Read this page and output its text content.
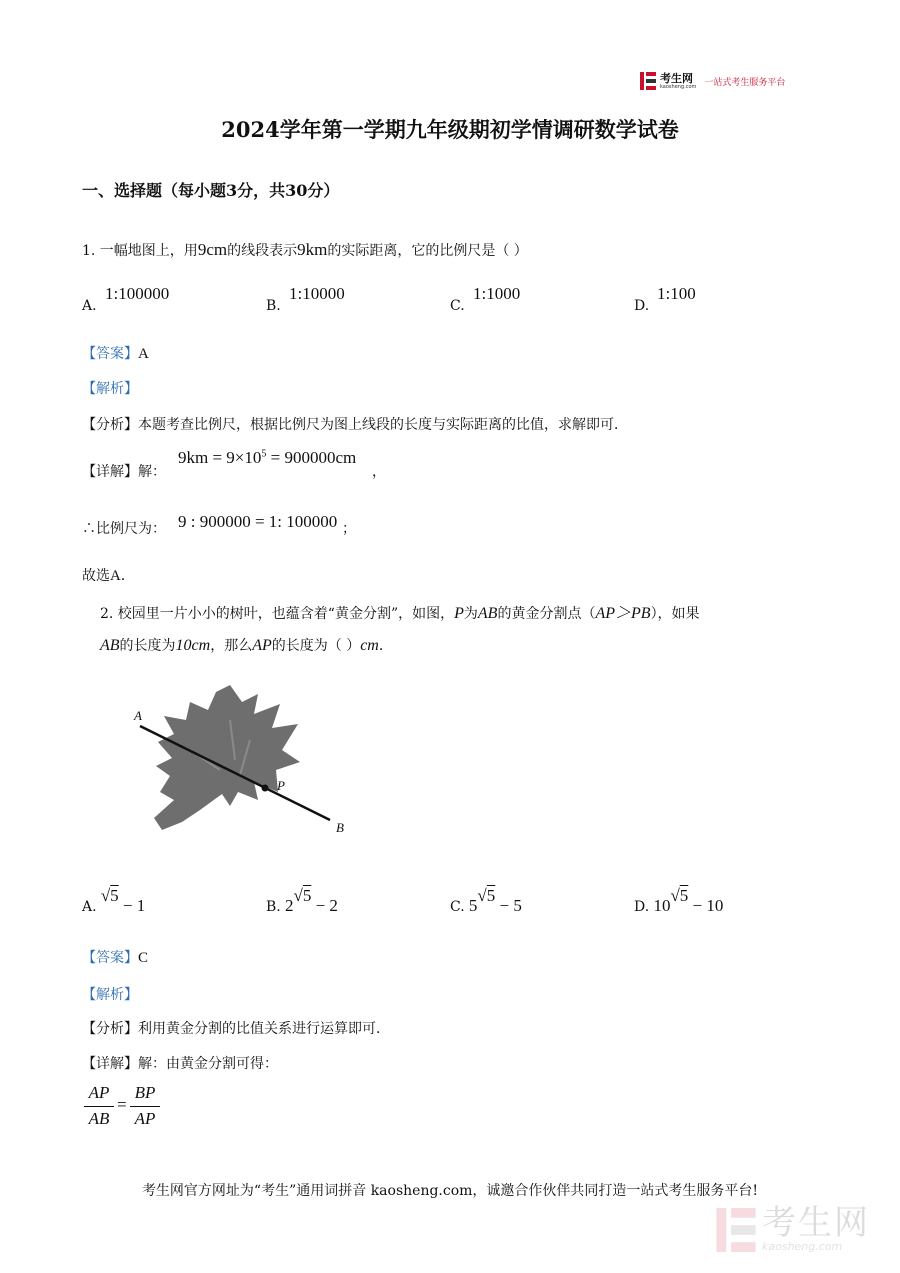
考生网
kaosheng.com 一站式考生服务平台
2024学年第一学期九年级期初学情调研数学试卷
一、选择题（每小题3分，共30分）
1. 一幅地图上，用9cm的线段表示9km的实际距离，它的比例尺是（ ）
A.
1:100000
B.
1:10000
C.
1:1000
D.
1:100
【答案】A
【解析】
【分析】本题考查比例尺，根据比例尺为图上线段的长度与实际距离的比值，求解即可．
【详解】解：
$9km = 9\times 10^5 = 900000cm$
，
∴比例尺为： 9 : 900000 = 1: 100000 ；
故选A．
2. 校园里一片小小的树叶，也蕴含着“黄金分割”，如图，P为AB的黄金分割点（AP＞PB），如果
AB的长度为10cm，那么AP的长度为（ ）cm．
A
P
B
A. √5 − 1	B. 2√5 − 2	C. 5√5 − 5	D. 10√5 − 10
【答案】C
【解析】
【分析】利用黄金分割的比值关系进行运算即可．
【详解】解：由黄金分割可得：
AP
AB
=
BP
AP
考生网官方网址为“考生”通用词拼音 kaosheng.com，诚邀合作伙伴共同打造一站式考生服务平台!
考生网
kaosheng.com
